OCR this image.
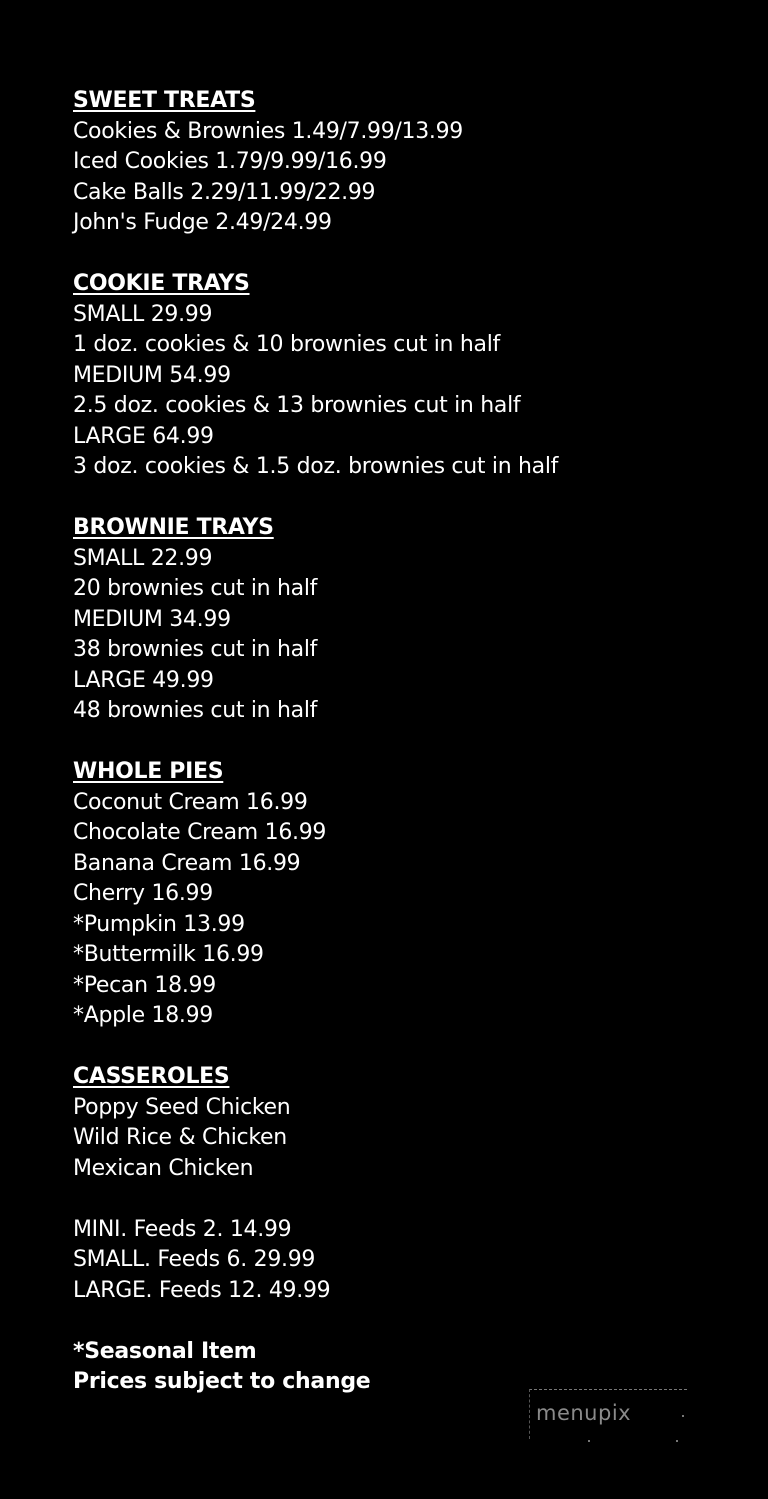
SWEET TREATS
Cookies & Brownies 1.49/7.99/13.99
Iced Cookies 1.79/9.99/16.99
Cake Balls 2.29/11.99/22.99
John's Fudge 2.49/24.99
COOKIE TRAYS
SMALL 29.99
1 doz. cookies & 10 brownies cut in half
MEDIUM 54.99
2.5 doz. cookies & 13 brownies cut in half
LARGE 64.99
3 doz. cookies & 1.5 doz. brownies cut in half
BROWNIE TRAYS
SMALL 22.99
20 brownies cut in half
MEDIUM 34.99
38 brownies cut in half
LARGE 49.99
48 brownies cut in half
WHOLE PIES
Coconut Cream 16.99
Chocolate Cream 16.99
Banana Cream 16.99
Cherry 16.99
*Pumpkin 13.99
*Buttermilk 16.99
*Pecan 18.99
*Apple 18.99
CASSEROLES
Poppy Seed Chicken
Wild Rice & Chicken
Mexican Chicken
MINI. Feeds 2. 14.99
SMALL. Feeds 6. 29.99
LARGE. Feeds 12. 49.99
*Seasonal Item
Prices subject to change
menupix
